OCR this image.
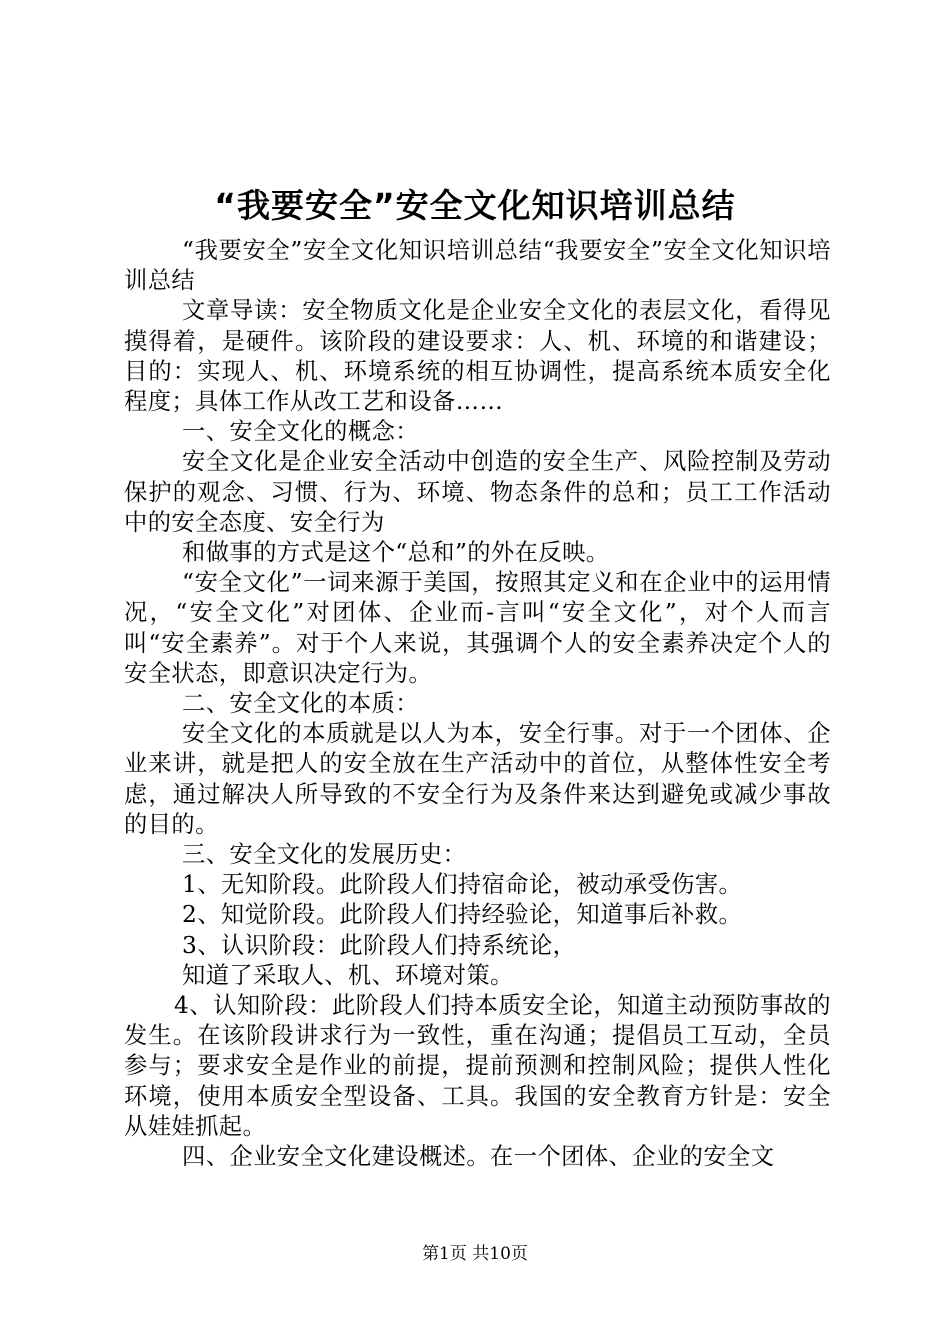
“我要安全”安全文化知识培训总结

“我要安全”安全文化知识培训总结“我要安全”安全文化知识培训总结

文章导读：安全物质文化是企业安全文化的表层文化，看得见摸得着，是硬件。该阶段的建设要求：人、机、环境的和谐建设；目的：实现人、机、环境系统的相互协调性，提高系统本质安全化程度；具体工作从改工艺和设备……

一、安全文化的概念：

安全文化是企业安全活动中创造的安全生产、风险控制及劳动保护的观念、习惯、行为、环境、物态条件的总和；员工工作活动中的安全态度、安全行为

和做事的方式是这个“总和”的外在反映。

“安全文化”一词来源于美国，按照其定义和在企业中的运用情况，“安全文化”对团体、企业而-言叫“安全文化”，对个人而言叫“安全素养”。对于个人来说，其强调个人的安全素养决定个人的安全状态，即意识决定行为。

二、安全文化的本质：

安全文化的本质就是以人为本，安全行事。对于一个团体、企业来讲，就是把人的安全放在生产活动中的首位，从整体性安全考虑，通过解决人所导致的不安全行为及条件来达到避免或减少事故的目的。

三、安全文化的发展历史：

1、无知阶段。此阶段人们持宿命论，被动承受伤害。

2、知觉阶段。此阶段人们持经验论，知道事后补救。

3、认识阶段：此阶段人们持系统论，

知道了采取人、机、环境对策。

4、认知阶段：此阶段人们持本质安全论，知道主动预防事故的发生。在该阶段讲求行为一致性，重在沟通；提倡员工互动，全员参与；要求安全是作业的前提，提前预测和控制风险；提供人性化环境，使用本质安全型设备、工具。我国的安全教育方针是：安全从娃娃抓起。

四、企业安全文化建设概述。在一个团体、企业的安全文

第1页 共10页
